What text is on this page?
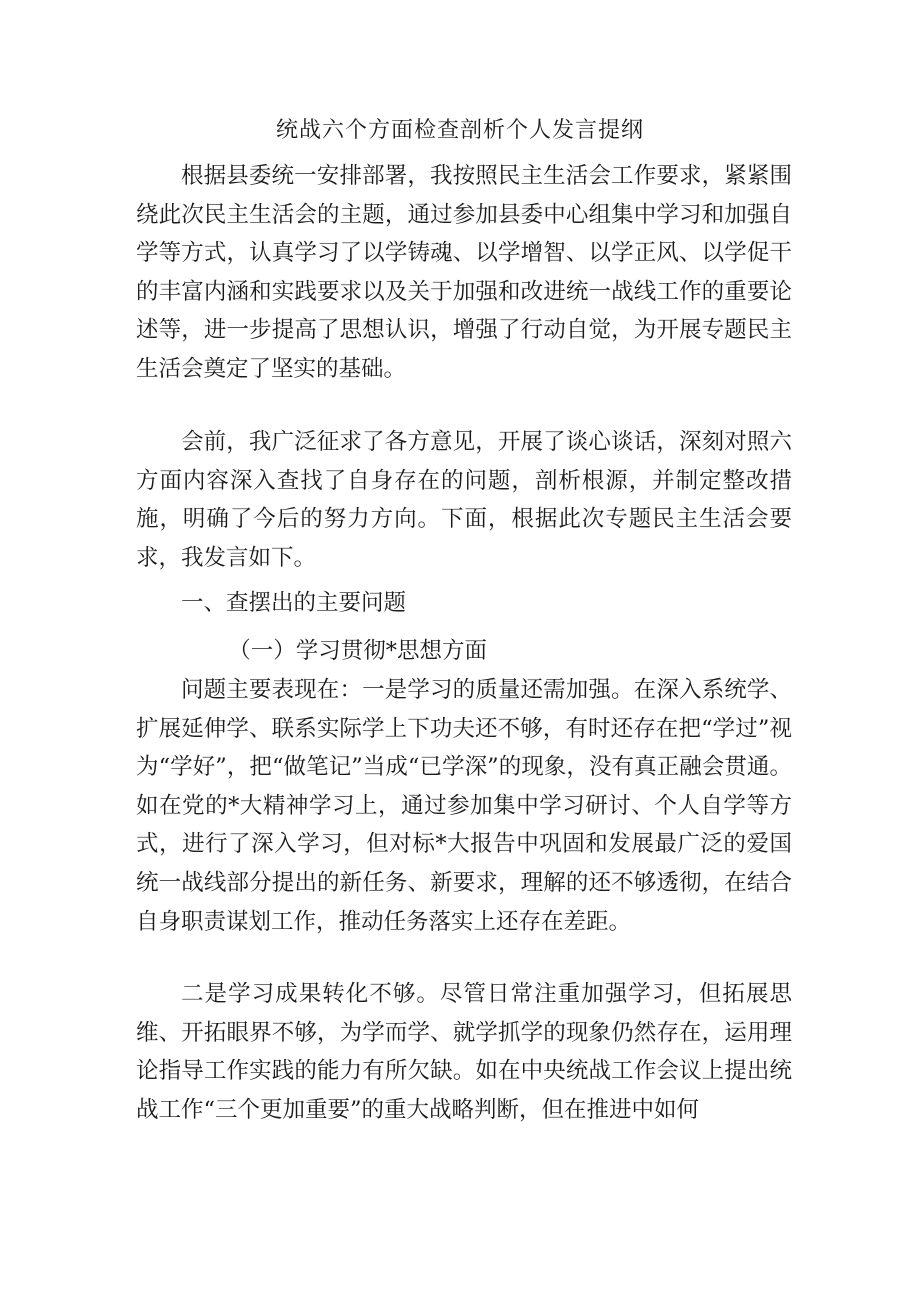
统战六个方面检查剖析个人发言提纲

根据县委统一安排部署，我按照民主生活会工作要求，紧紧围绕此次民主生活会的主题，通过参加县委中心组集中学习和加强自学等方式，认真学习了以学铸魂、以学增智、以学正风、以学促干的丰富内涵和实践要求以及关于加强和改进统一战线工作的重要论述等，进一步提高了思想认识，增强了行动自觉，为开展专题民主生活会奠定了坚实的基础。

会前，我广泛征求了各方意见，开展了谈心谈话，深刻对照六方面内容深入查找了自身存在的问题，剖析根源，并制定整改措施，明确了今后的努力方向。下面，根据此次专题民主生活会要求，我发言如下。

一、查摆出的主要问题

（一）学习贯彻*思想方面

问题主要表现在：一是学习的质量还需加强。在深入系统学、扩展延伸学、联系实际学上下功夫还不够，有时还存在把“学过”视为“学好”，把“做笔记”当成“已学深”的现象，没有真正融会贯通。如在党的*大精神学习上，通过参加集中学习研讨、个人自学等方式，进行了深入学习，但对标*大报告中巩固和发展最广泛的爱国统一战线部分提出的新任务、新要求，理解的还不够透彻，在结合自身职责谋划工作，推动任务落实上还存在差距。

二是学习成果转化不够。尽管日常注重加强学习，但拓展思维、开拓眼界不够，为学而学、就学抓学的现象仍然存在，运用理论指导工作实践的能力有所欠缺。如在中央统战工作会议上提出统战工作“三个更加重要”的重大战略判断，但在推进中如何
